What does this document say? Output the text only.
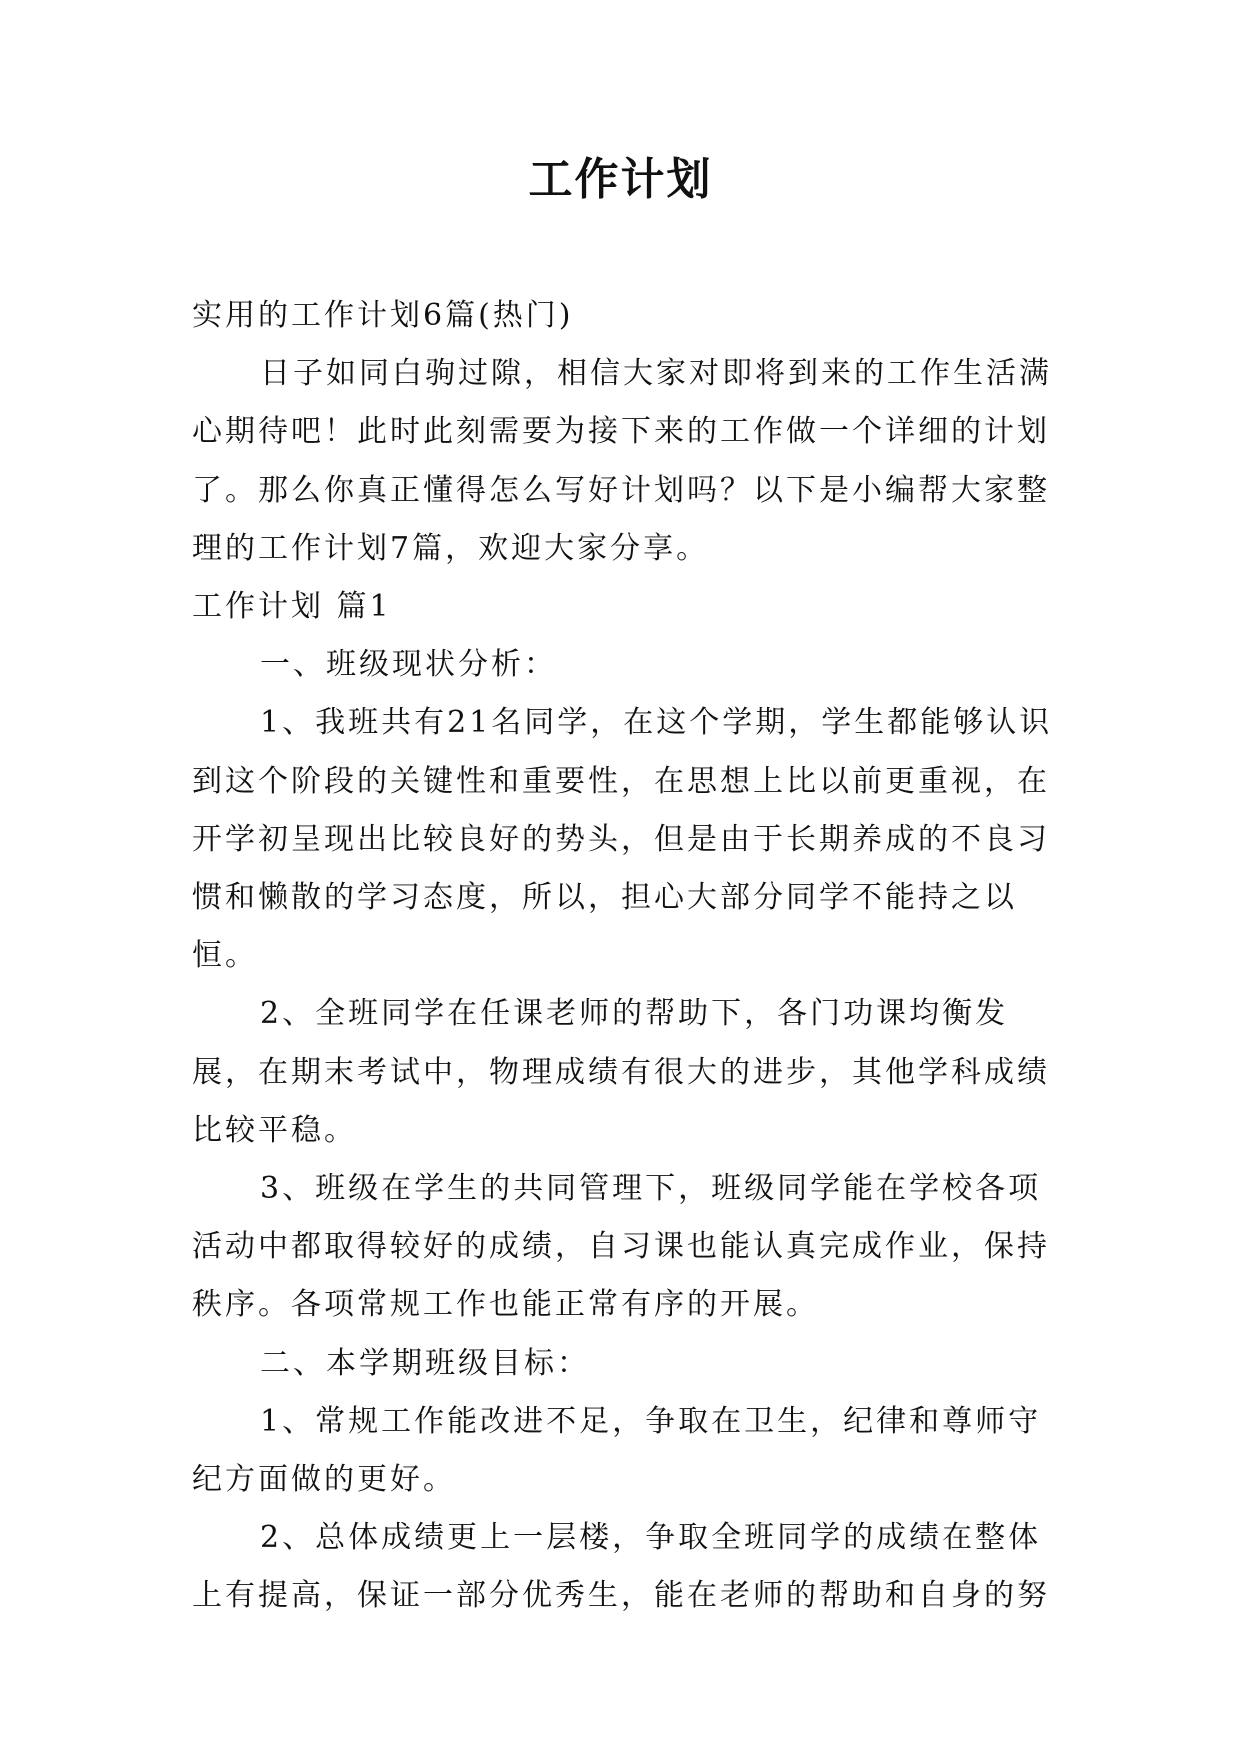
工作计划

实用的工作计划6篇(热门)

日子如同白驹过隙，相信大家对即将到来的工作生活满心期待吧！此时此刻需要为接下来的工作做一个详细的计划了。那么你真正懂得怎么写好计划吗？以下是小编帮大家整理的工作计划7篇，欢迎大家分享。

工作计划 篇1

一、班级现状分析：

1、我班共有21名同学，在这个学期，学生都能够认识到这个阶段的关键性和重要性，在思想上比以前更重视，在开学初呈现出比较良好的势头，但是由于长期养成的不良习惯和懒散的学习态度，所以，担心大部分同学不能持之以恒。

2、全班同学在任课老师的帮助下，各门功课均衡发展，在期末考试中，物理成绩有很大的进步，其他学科成绩比较平稳。

3、班级在学生的共同管理下，班级同学能在学校各项活动中都取得较好的成绩，自习课也能认真完成作业，保持秩序。各项常规工作也能正常有序的开展。

二、本学期班级目标：

1、常规工作能改进不足，争取在卫生，纪律和尊师守纪方面做的更好。

2、总体成绩更上一层楼，争取全班同学的成绩在整体上有提高，保证一部分优秀生，能在老师的帮助和自身的努
